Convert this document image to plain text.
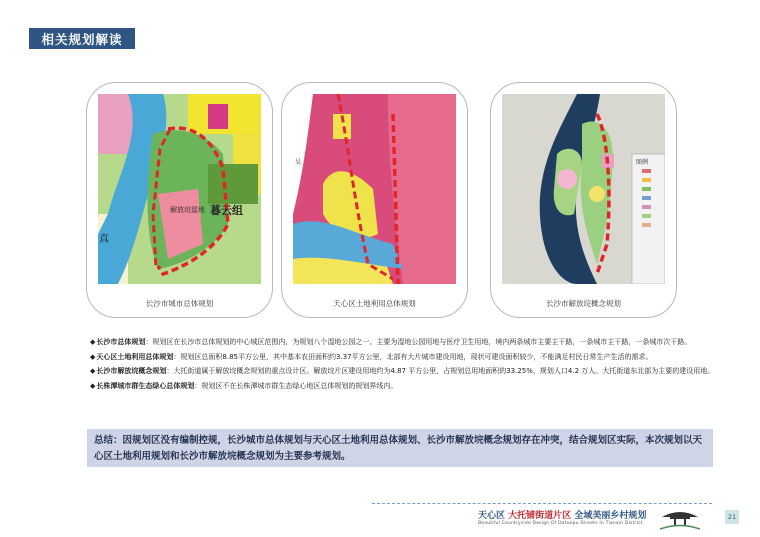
相关规划解读
解放垸湿地 暮云组
真
长沙市城市总体规划
吴
天心区土地利用总体规划
图例
长沙市解放垸概念规划

◆长沙市总体规划：规划区在长沙市总体规划的中心城区范围内，为规划八个湿地公园之一。主要为湿地公园用地与医疗卫生用地，境内两条城市主要主干路，一条城市主干路，一条城市次干路。

◆天心区土地利用总体规划：规划区总面积8.85平方公里，其中基本农田面积约3.37平方公里，北部有大片城市建设用地，现状可建设面积较少，不能满足村民日常生产生活的需求。

◆长沙市解放垸概念规划：大托街道属于解放垸概念规划的重点设计区。解放垸片区建设用地约为4.87 平方公里，占规划总用地面积的33.25%，规划人口4.2 万人。大托街道东北部为主要的建设用地。

◆长株潭城市群生态绿心总体规划：规划区不在长株潭城市群生态绿心地区总体规划的规划界线内。

总结：因规划区没有编制控规，长沙城市总体规划与天心区土地利用总体规划、长沙市解放垸概念规划存在冲突，结合规划区实际，本次规划以天心区土地利用规划和长沙市解放垸概念规划为主要参考规划。
天心区 大托铺街道片区 全域美丽乡村规划
Beautiful Countryside Design Of Datuopu Streets In Tianxin District
21
